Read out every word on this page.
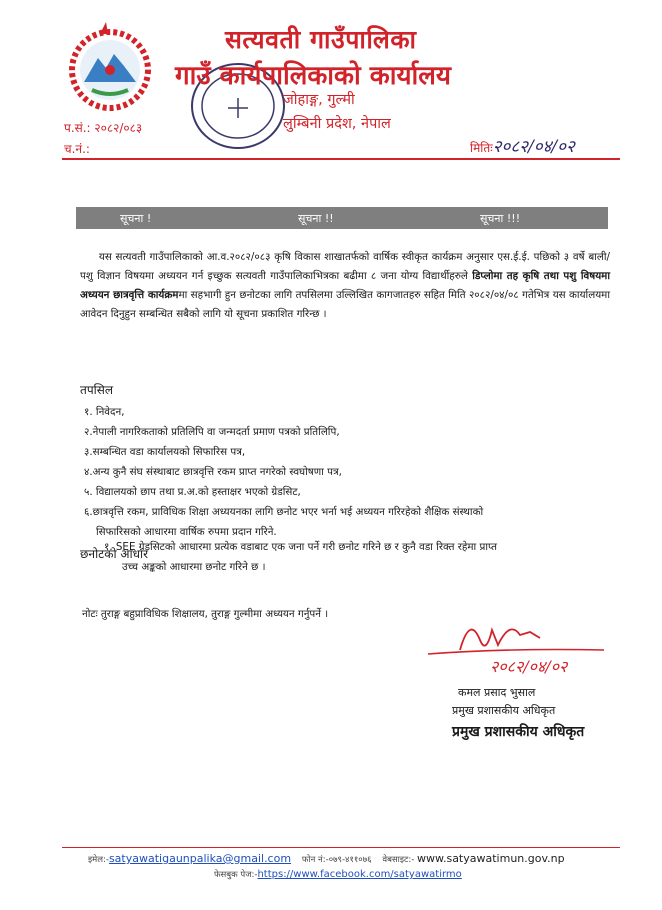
सत्यवती गाउँपालिका
गाउँ कार्यपालिकाको कार्यालय
जोहाङ्ग, गुल्मी
लुम्बिनी प्रदेश, नेपाल
प.सं.: २०८२/०८३
च.नं.:	मितिः२०८२/०४/०२
सूचना !	सूचना !!	सूचना !!!
यस सत्यवती गाउँपालिकाको आ.व.२०८२/०८३ कृषि विकास शाखातर्फको वार्षिक स्वीकृत कार्यक्रम अनुसार एस.ई.ई. पछिको ३ वर्षे बाली/पशु विज्ञान विषयमा अध्ययन गर्न इच्छुक सत्यवती गाउँपालिकाभित्रका बढीमा ८ जना योग्य विद्यार्थीहरुले डिप्लोमा तह कृषि तथा पशु विषयमा अध्ययन छात्रवृत्ति कार्यक्रममा सहभागी हुन छनोटका लागि तपसिलमा उल्लिखित कागजातहरु सहित मिति २०८२/०४/०८ गतेभित्र यस कार्यालयमा आवेदन दिनुहुन सम्बन्धित सबैको लागि यो सूचना प्रकाशित गरिन्छ ।
तपसिल
१. निवेदन,
२.नेपाली नागरिकताको प्रतिलिपि वा जन्मदर्ता प्रमाण पत्रको प्रतिलिपि,
३.सम्बन्धित वडा कार्यालयको सिफारिस पत्र,
४.अन्य कुनै संघ संस्थाबाट छात्रवृत्ति रकम प्राप्त नगरेको स्वघोषणा पत्र,
५. विद्यालयको छाप तथा प्र.अ.को हस्ताक्षर भएको ग्रेडसिट,
६.छात्रवृत्ति रकम, प्राविधिक शिक्षा अध्ययनका लागि छनोट भएर भर्ना भई अध्ययन गरिरहेको शैक्षिक संस्थाको
सिफारिसको आधारमा वार्षिक रुपमा प्रदान गरिने.
छनोटको आधार
१. SEE ग्रेडसिटको आधारमा प्रत्येक वडाबाट एक जना पर्ने गरी छनोट गरिने छ र कुनै वडा रिक्त रहेमा प्राप्त
उच्च अङ्कको आधारमा छनोट गरिने छ ।
नोटः तुराङ्ग बहुप्राविधिक शिक्षालय, तुराङ्ग गुल्मीमा अध्ययन गर्नुपर्ने ।
२०८२/०४/०२
कमल प्रसाद भुसाल
प्रमुख प्रशासकीय अधिकृत
प्रमुख प्रशासकीय अधिकृत
इमेल:-satyawatigaunpalika@gmail.com फोन नं:-०७९-४११०७६ वेबसाइट:- www.satyawatimun.gov.np
फेसबुक पेज:-https://www.facebook.com/satyawatirmo
